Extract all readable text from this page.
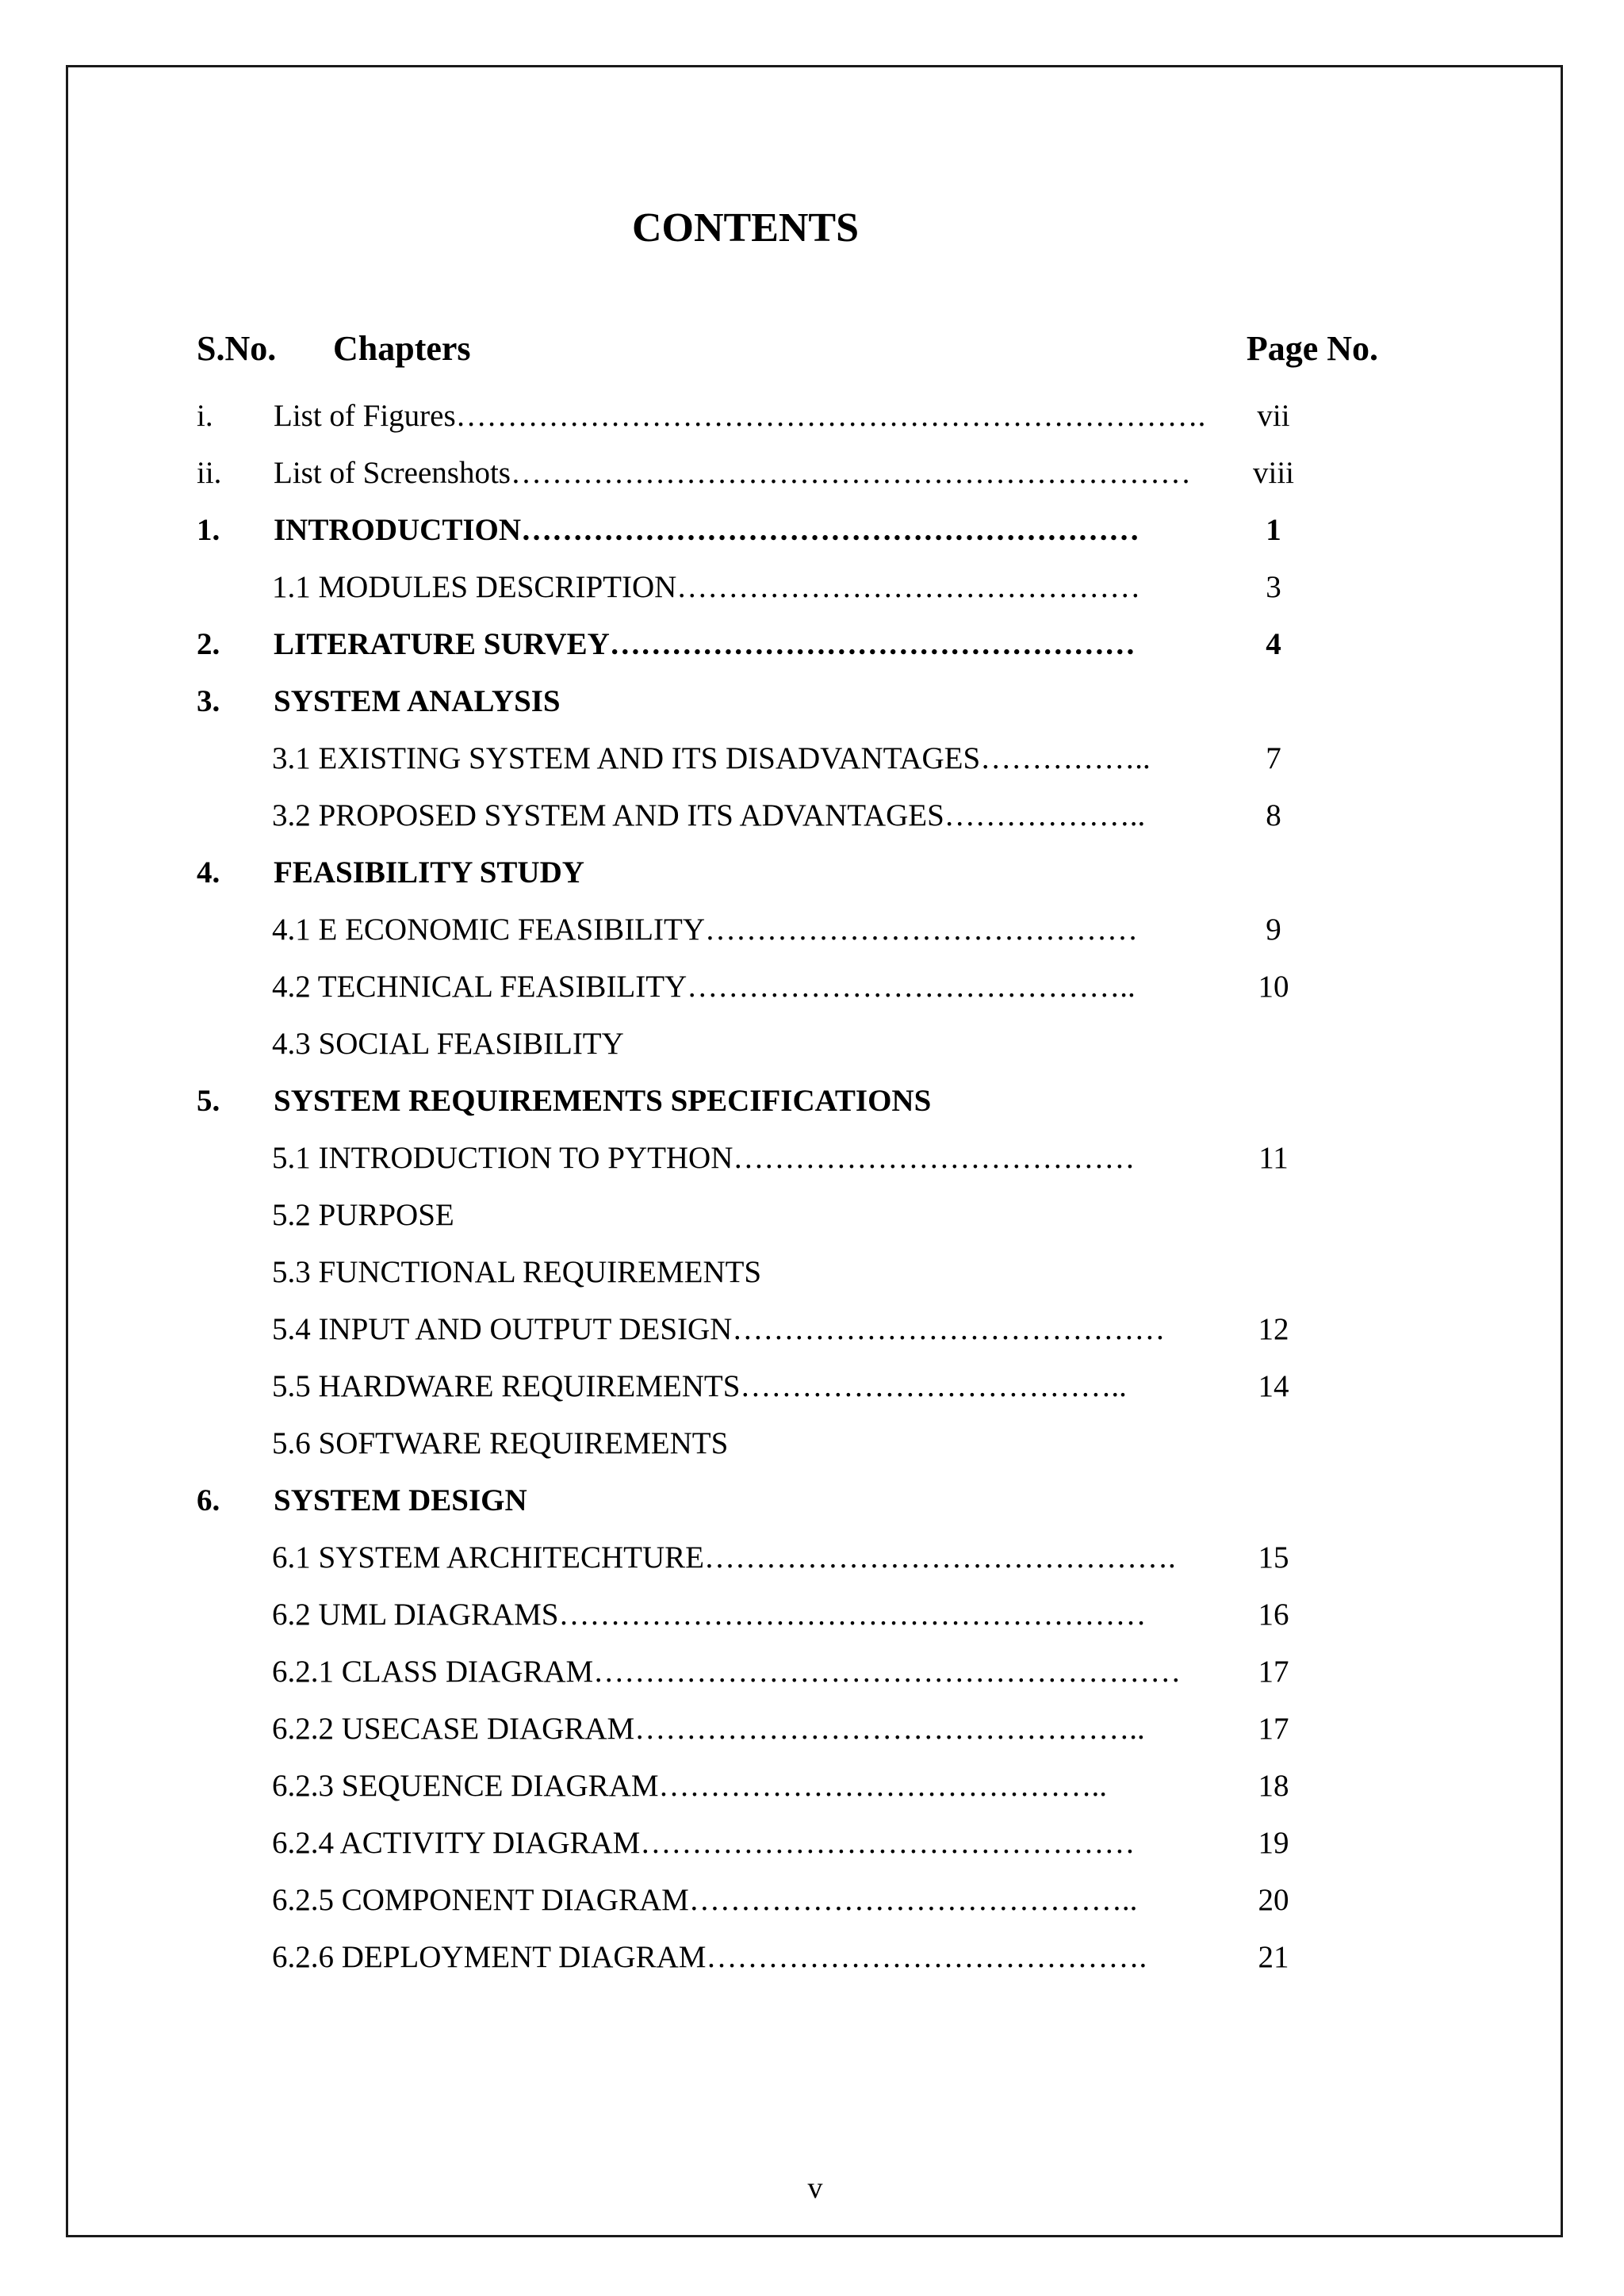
CONTENTS
S.No. Chapters	Page No.
i. List of Figures……………………………………………………………….	vii
ii. List of Screenshots…………………………………………………………	viii
1. INTRODUCTION……………………………………………………	1
1.1 MODULES DESCRIPTION………………………………………	3
2. LITERATURE SURVEY……………………………………………	4
3. SYSTEM ANALYSIS
3.1 EXISTING SYSTEM AND ITS DISADVANTAGES……………..	7
3.2 PROPOSED SYSTEM AND ITS ADVANTAGES………………..	8
4. FEASIBILITY STUDY
4.1 E ECONOMIC FEASIBILITY……………………………………	9
4.2 TECHNICAL FEASIBILITY……………………………………..	10
4.3 SOCIAL FEASIBILITY
5. SYSTEM REQUIREMENTS SPECIFICATIONS
5.1 INTRODUCTION TO PYTHON…………………………………	11
5.2 PURPOSE
5.3 FUNCTIONAL REQUIREMENTS
5.4 INPUT AND OUTPUT DESIGN……………………………………	12
5.5 HARDWARE REQUIREMENTS………………………………..	14
5.6 SOFTWARE REQUIREMENTS
6. SYSTEM DESIGN
6.1 SYSTEM ARCHITECHTURE……………………………………….	15
6.2 UML DIAGRAMS…………………………………………………	16
6.2.1 CLASS DIAGRAM…………………………………………………	17
6.2.2 USECASE DIAGRAM…………………………………………..	17
6.2.3 SEQUENCE DIAGRAM……………………………………..	18
6.2.4 ACTIVITY DIAGRAM…………………………………………	19
6.2.5 COMPONENT DIAGRAM……………………………………..	20
6.2.6 DEPLOYMENT DIAGRAM…………………………………….	21
v
